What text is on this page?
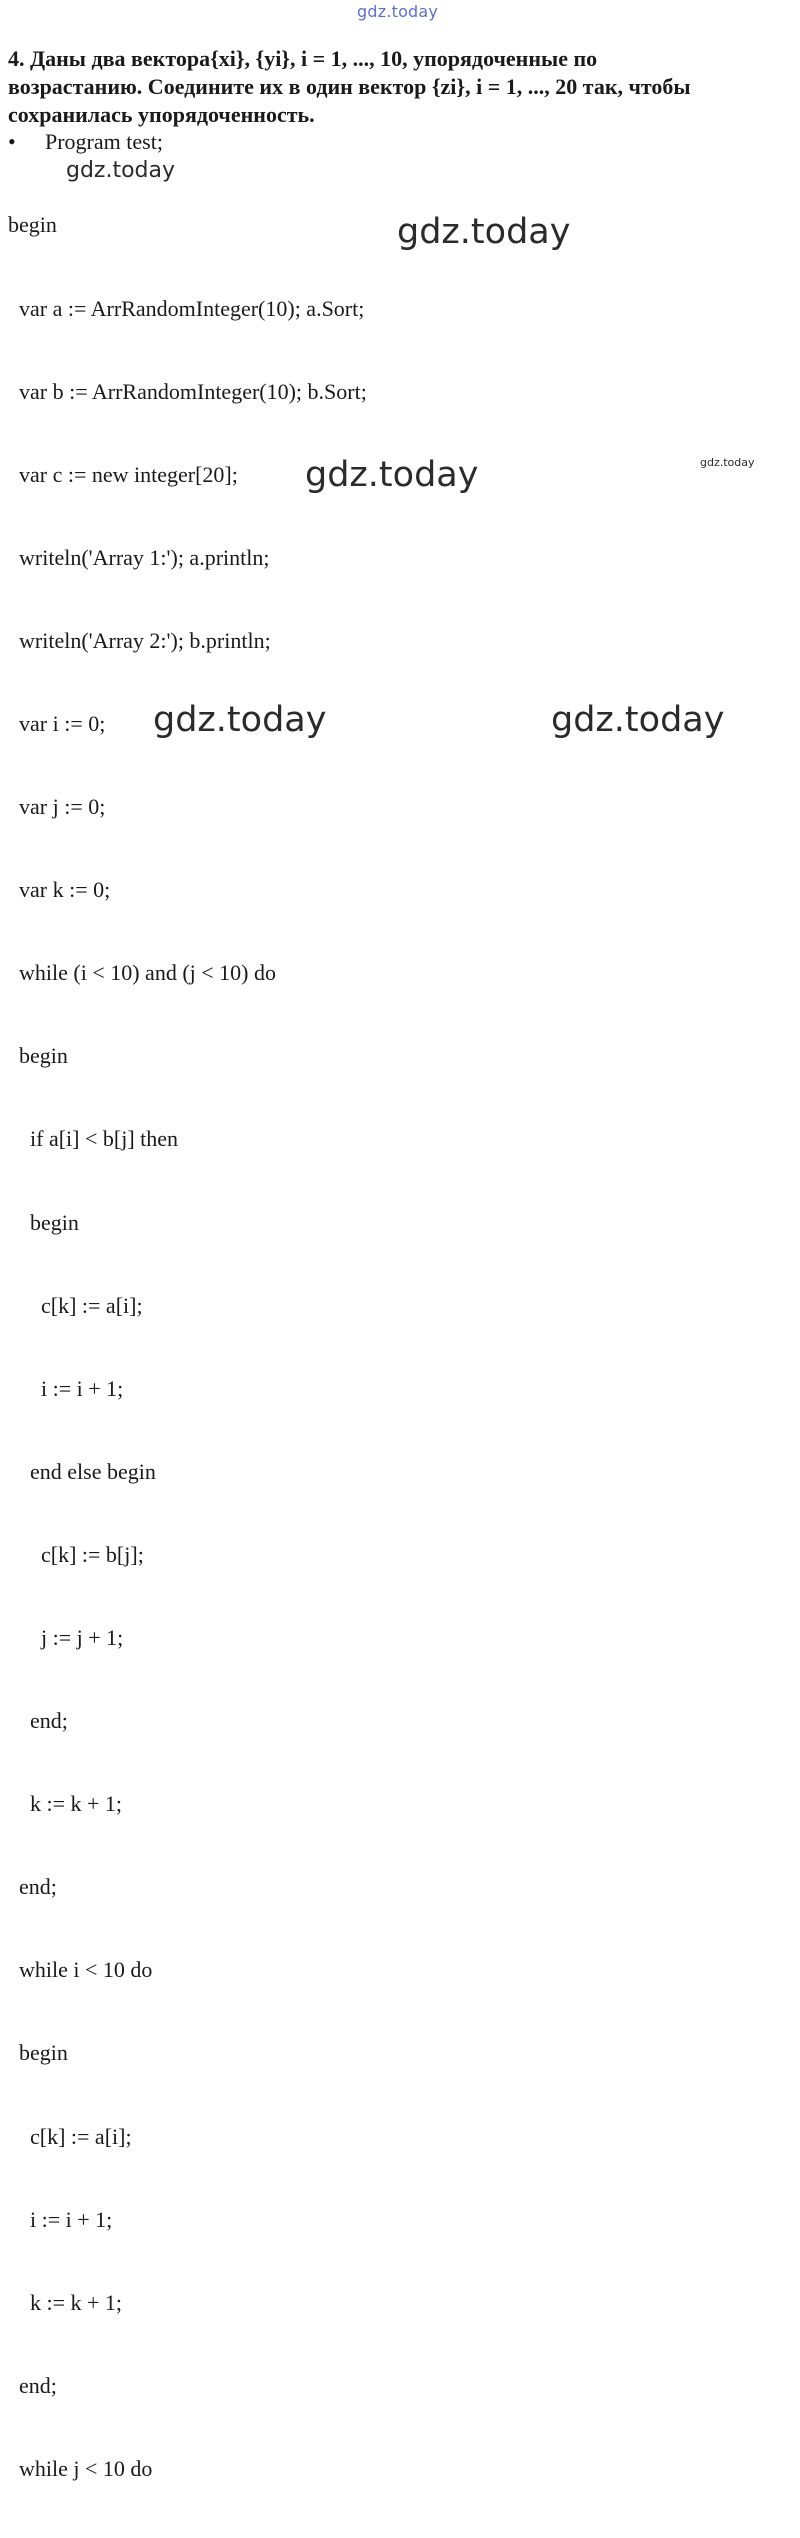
gdz.today
4. Даны два вектора{xi}, {yi}, i = 1, ..., 10, упорядоченные по
возрастанию. Соедините их в один вектор {zi}, i = 1, ..., 20 так, чтобы
сохранилась упорядоченность.
• Program test;

begin

var a := ArrRandomInteger(10); a.Sort;

var b := ArrRandomInteger(10); b.Sort;

var c := new integer[20];

writeln('Array 1:'); a.println;

writeln('Array 2:'); b.println;

var i := 0;

var j := 0;

var k := 0;

while (i < 10) and (j < 10) do

begin

if a[i] < b[j] then

begin

c[k] := a[i];

i := i + 1;

end else begin

c[k] := b[j];

j := j + 1;

end;

k := k + 1;

end;

while i < 10 do

begin

c[k] := a[i];

i := i + 1;

k := k + 1;

end;

while j < 10 do

gdz.today
gdz.today
gdz.today
gdz.today	gdz.today
gdz.today
